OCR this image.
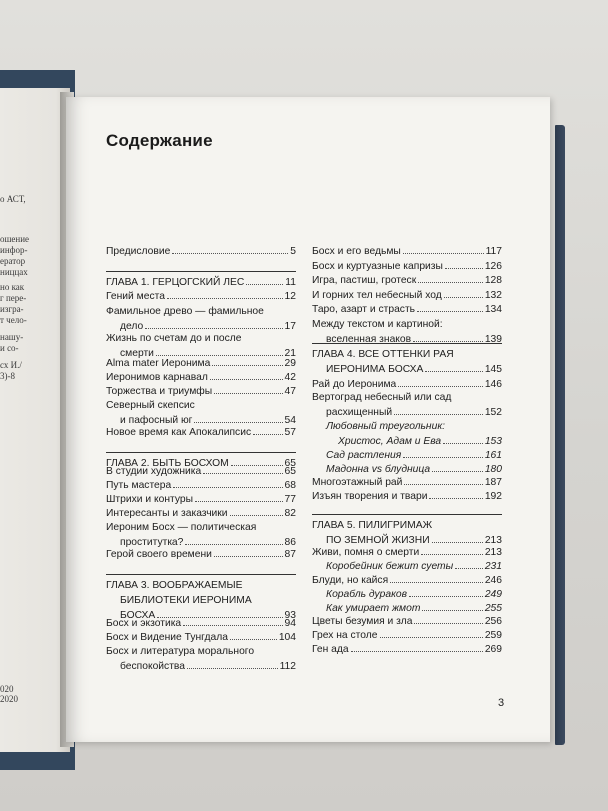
о АСТ,
ошение
инфор-
ератор
ниццах
но как
г пере-
изгра-
т чело-
нашу-
и со-
сх И./
3)-8
020
2020
Содержание
Предисловие	5
ГЛАВА 1. ГЕРЦОГСКИЙ ЛЕС	11
Гений места	12
Фамильное древо — фамильное
дело	17
Жизнь по счетам до и после
смерти	21
Alma mater Иеронима	29
Иеронимов карнавал	42
Торжества и триумфы	47
Северный скепсис
и пафосный юг	54
Новое время как Апокалипсис	57
ГЛАВА 2. БЫТЬ БОСХОМ	65
В студии художника	65
Путь мастера	68
Штрихи и контуры	77
Интересанты и заказчики	82
Иероним Босх — политическая
проституткa?	86
Герой своего времени	87
ГЛАВА 3. ВООБРАЖАЕМЫЕ
БИБЛИОТЕКИ ИЕРОНИМА
БОСХА	93
Босх и экзотика	94
Босх и Видение Тунгдала	104
Босх и литература морального
беспокойства	112
Босх и его ведьмы	117
Босх и куртуазные капризы	126
Игра, пастиш, гротеск	128
И горних тел небесный ход	132
Таро, азарт и страсть	134
Между текстом и картиной:
вселенная знаков	139
ГЛАВА 4. ВСЕ ОТТЕНКИ РАЯ
ИЕРОНИМА БОСХА	145
Рай до Иеронима	146
Вертоград небесный или сад
расхищенный	152
Любовный треугольник:
Христос, Адам и Ева	153
Сад растления	161
Мадонна vs блудница	180
Многоэтажный рай	187
Изъян творения и твари	192
ГЛАВА 5. ПИЛИГРИМАЖ
ПО ЗЕМНОЙ ЖИЗНИ	213
Живи, помня о смерти	213
Коробейник бежит суеты	231
Блуди, но кайся	246
Корабль дураков	249
Как умирает жмот	255
Цветы безумия и зла	256
Грех на столе	259
Ген ада	269
3
